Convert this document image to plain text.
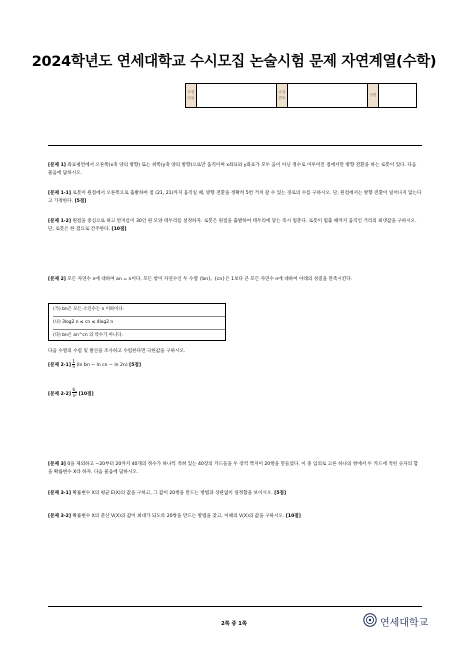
2024학년도 연세대학교 수시모집 논술시험 문제 자연계열(수학)
모집단위
수험번호
성명
[문제 1] 좌표평면에서 오른쪽(x축 양의 방향) 또는 위쪽(y축 양의 방향)으로만 움직이며 x좌표와 y좌표가 모두 음이 아닌 정수로 이루어진 점에서만 방향 전환을 하는 로봇이 있다. 다음 물음에 답하시오.
[문제 1-1] 로봇이 원점에서 오른쪽으로 출발하여 점 (21, 21)까지 움직일 때, 방향 전환을 정확히 5번 거쳐 갈 수 있는 경로의 수를 구하시오. 단, 원점에서는 방향 전환이 일어나지 않는다고 가정한다. [5점]
[문제 1-2] 원점을 중심으로 하고 반지름이 30인 원 모양 테두리를 설정하자. 로봇은 원점을 출발하여 테두리에 닿는 즉시 멈춘다. 로봇이 멈출 때까지 움직인 거리의 최댓값을 구하시오. 단, 로봇은 한 점으로 간주한다. [10점]
[문제 2] 모든 자연수 n에 대하여 an = n이다. 모든 항이 자연수인 두 수열 {bn}, {cn}은 1보다 큰 모든 자연수 n에 대하여 아래의 성질을 만족시킨다.
(가) bn은 모든 소인수는 n 이하이다.
(나) 3log2 n ≤ cn ≤ 4log2 n
(다) bn은 an^cn 의 약수가 아니다.
다음 수열의 수렴 및 발산을 조사하고 수렴한다면 극한값을 구하시오.
[문제 2-1] 1
n (ln bn − ln cn − ln 2n) [5점]
[문제 2-2] $b_n$
n² [10점]
[문제 3] 0을 제외하고 −20부터 20까지 40개의 정수가 하나씩 적혀 있는 40장의 카드들을 두 장씩 짝지어 20쌍을 만들었다. 이 중 임의로 고른 하나의 쌍에서 두 카드에 적힌 숫자의 합을 확률변수 X라 하자. 다음 물음에 답하시오.
[문제 3-1] 확률변수 X의 평균 E(X)의 값을 구하고, 그 값이 20쌍을 만드는 방법과 상관없이 일정함을 보이시오. [5점]
[문제 3-2] 확률변수 X의 분산 V(X)의 값이 최대가 되도록 20쌍을 만드는 방법을 찾고, 이때의 V(X)의 값을 구하시오. [10점]
2쪽 중 1쪽	연세대학교
